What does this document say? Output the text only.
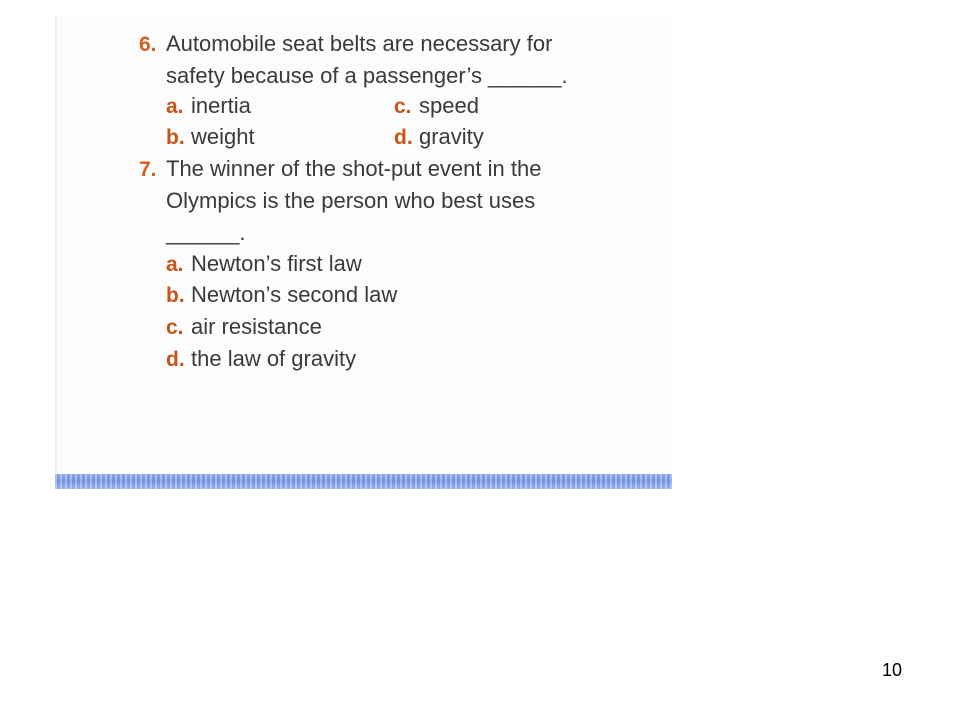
6. Automobile seat belts are necessary for
safety because of a passenger’s ______.
a. inertia
b. weight
c. speed
d. gravity
7. The winner of the shot-put event in the
Olympics is the person who best uses
______.
a. Newton’s first law
b. Newton’s second law
c. air resistance
d. the law of gravity
10
